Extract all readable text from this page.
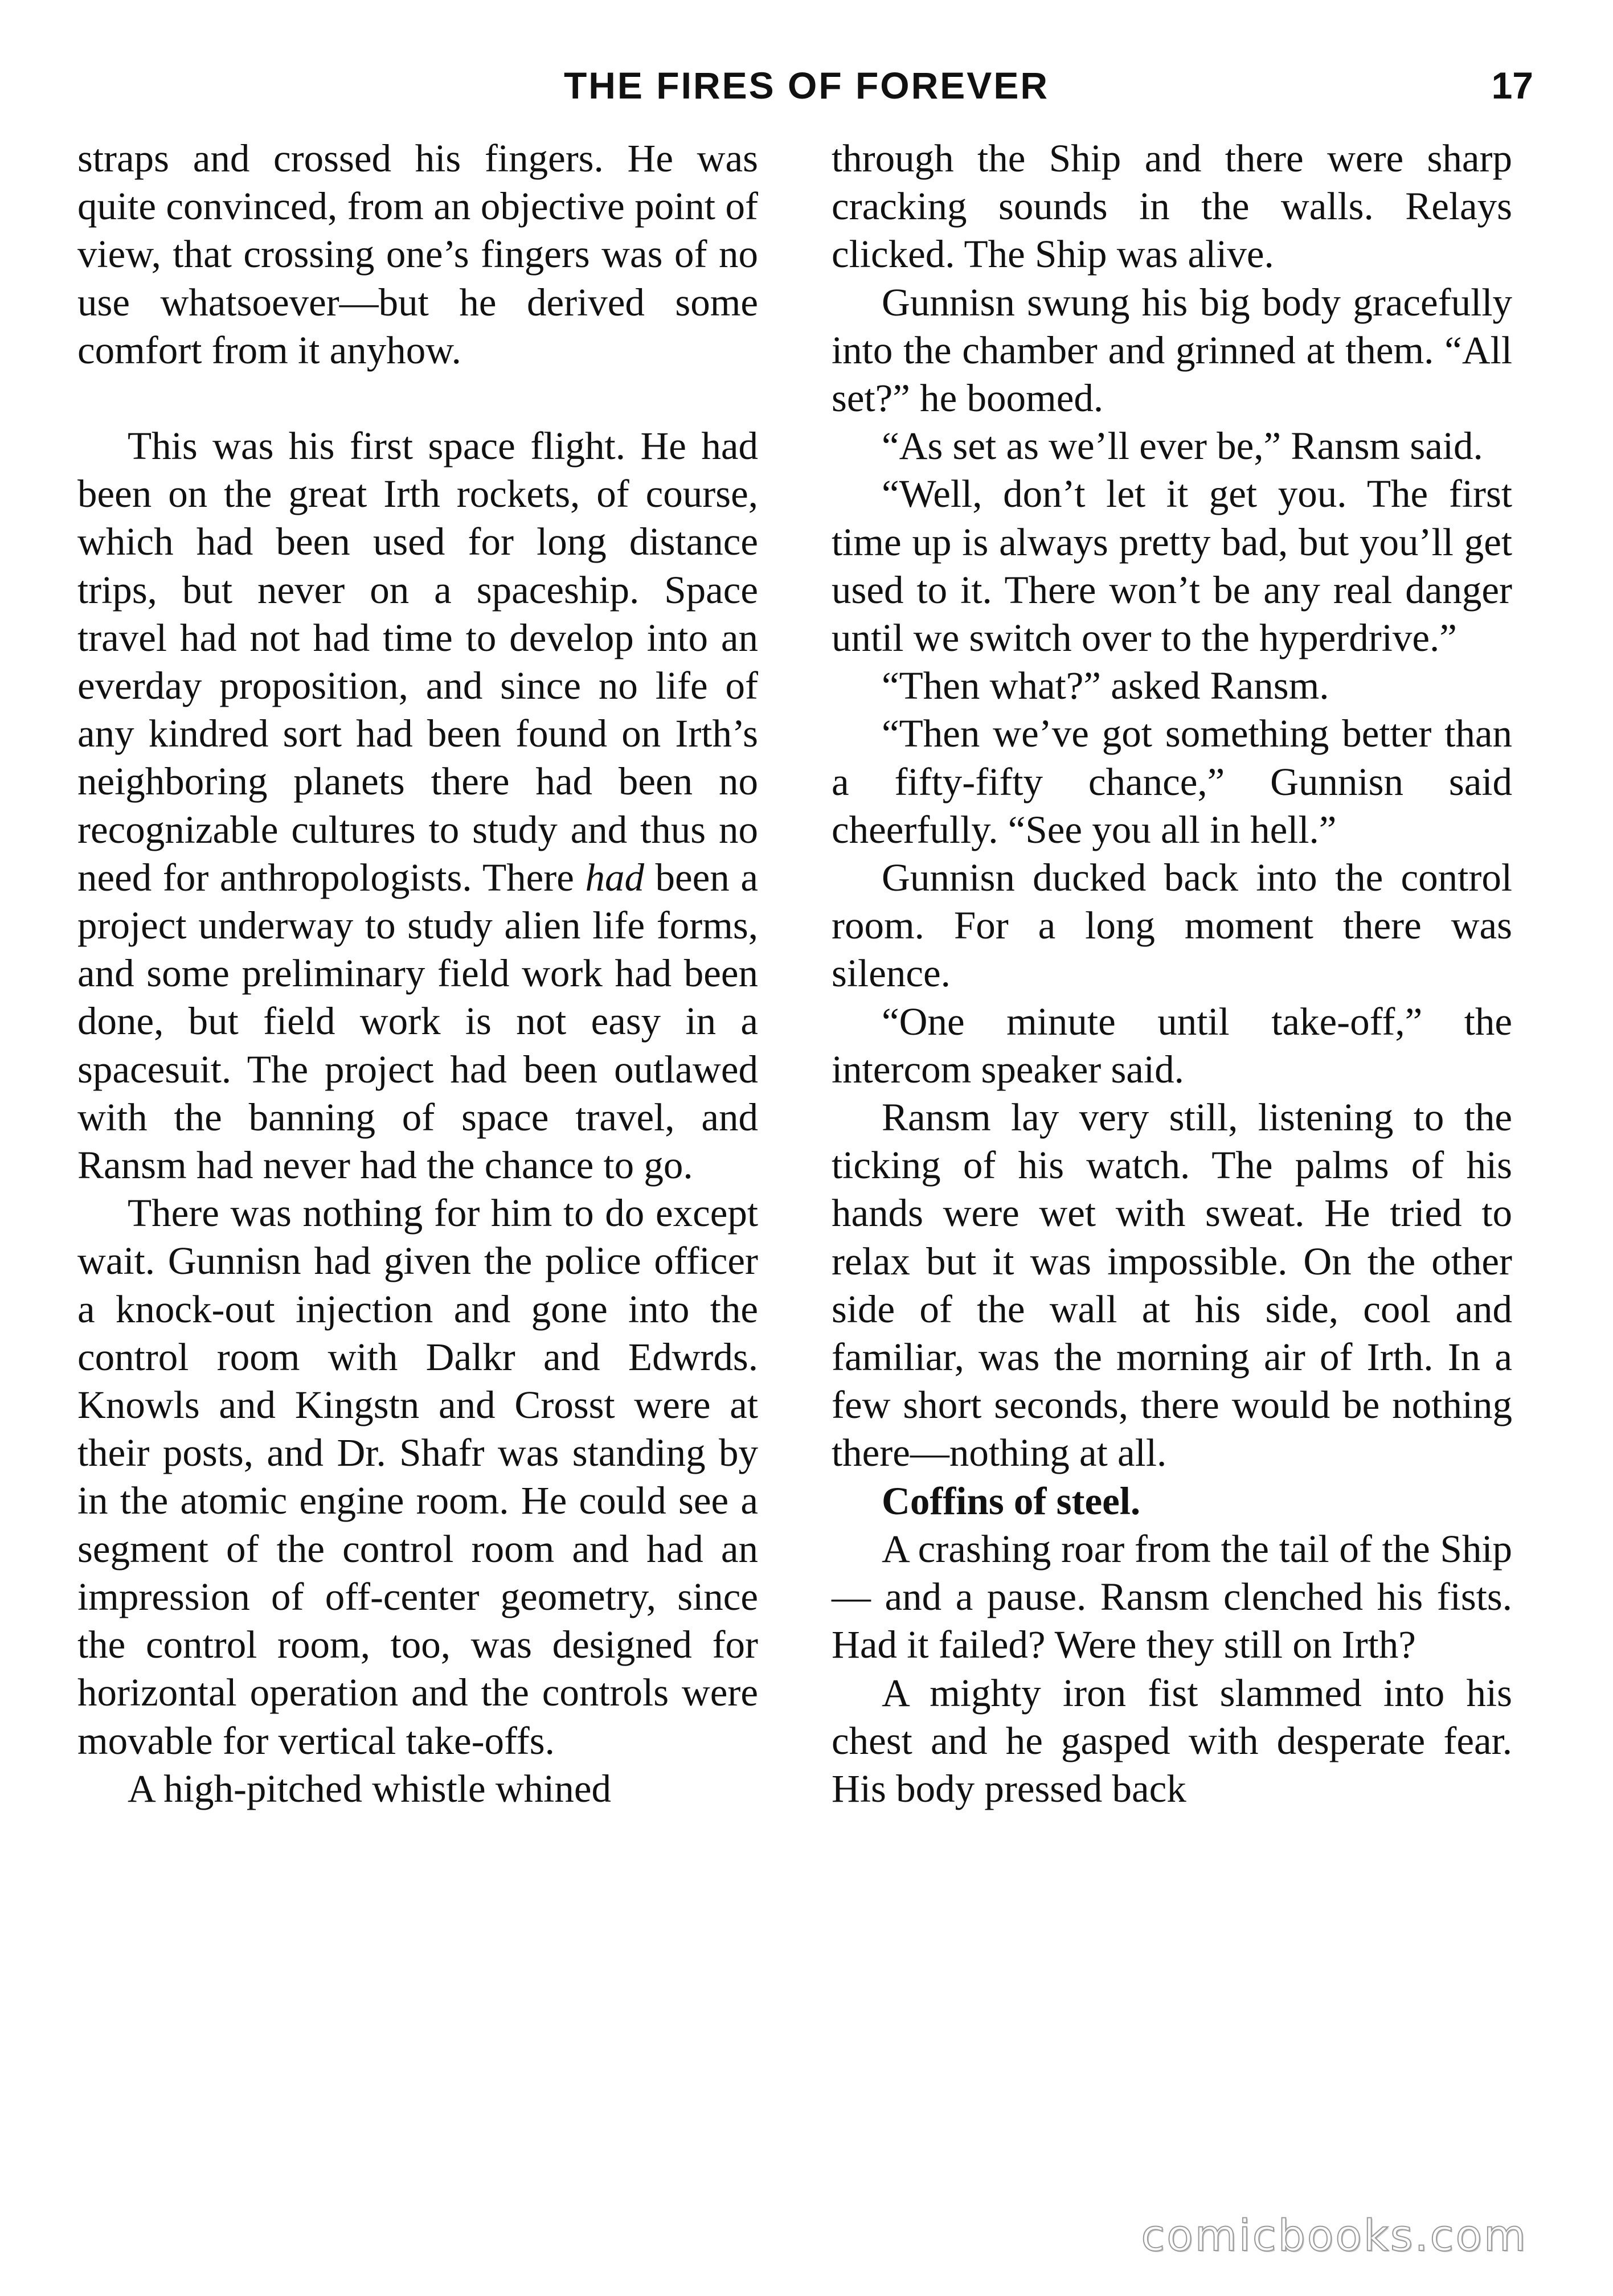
THE FIRES OF FOREVER	17

straps and crossed his fingers. He was quite convinced, from an objective point of view, that crossing one’s fingers was of no use whatsoever—but he derived some comfort from it anyhow.

This was his first space flight. He had been on the great Irth rockets, of course, which had been used for long distance trips, but never on a spaceship. Space travel had not had time to develop into an everday proposition, and since no life of any kindred sort had been found on Irth’s neighboring planets there had been no recognizable cultures to study and thus no need for anthropologists. There had been a project underway to study alien life forms, and some preliminary field work had been done, but field work is not easy in a spacesuit. The project had been outlawed with the banning of space travel, and Ransm had never had the chance to go.

There was nothing for him to do except wait. Gunnisn had given the police officer a knock-out injection and gone into the control room with Dalkr and Edwrds. Knowls and Kingstn and Crosst were at their posts, and Dr. Shafr was standing by in the atomic engine room. He could see a segment of the control room and had an impression of off-center geometry, since the control room, too, was designed for horizontal operation and the controls were movable for vertical take-offs.

A high-pitched whistle whined

through the Ship and there were sharp cracking sounds in the walls. Relays clicked. The Ship was alive.

Gunnisn swung his big body gracefully into the chamber and grinned at them. “All set?” he boomed.

“As set as we’ll ever be,” Ransm said.

“Well, don’t let it get you. The first time up is always pretty bad, but you’ll get used to it. There won’t be any real danger until we switch over to the hyperdrive.”

“Then what?” asked Ransm.

“Then we’ve got something better than a fifty-fifty chance,” Gunnisn said cheerfully. “See you all in hell.”

Gunnisn ducked back into the control room. For a long moment there was silence.

“One minute until take-off,” the intercom speaker said.

Ransm lay very still, listening to the ticking of his watch. The palms of his hands were wet with sweat. He tried to relax but it was impossible. On the other side of the wall at his side, cool and familiar, was the morning air of Irth. In a few short seconds, there would be nothing there—nothing at all.

Coffins of steel.

A crashing roar from the tail of the Ship — and a pause. Ransm clenched his fists. Had it failed? Were they still on Irth?

A mighty iron fist slammed into his chest and he gasped with desperate fear. His body pressed back

comicbooks.com
